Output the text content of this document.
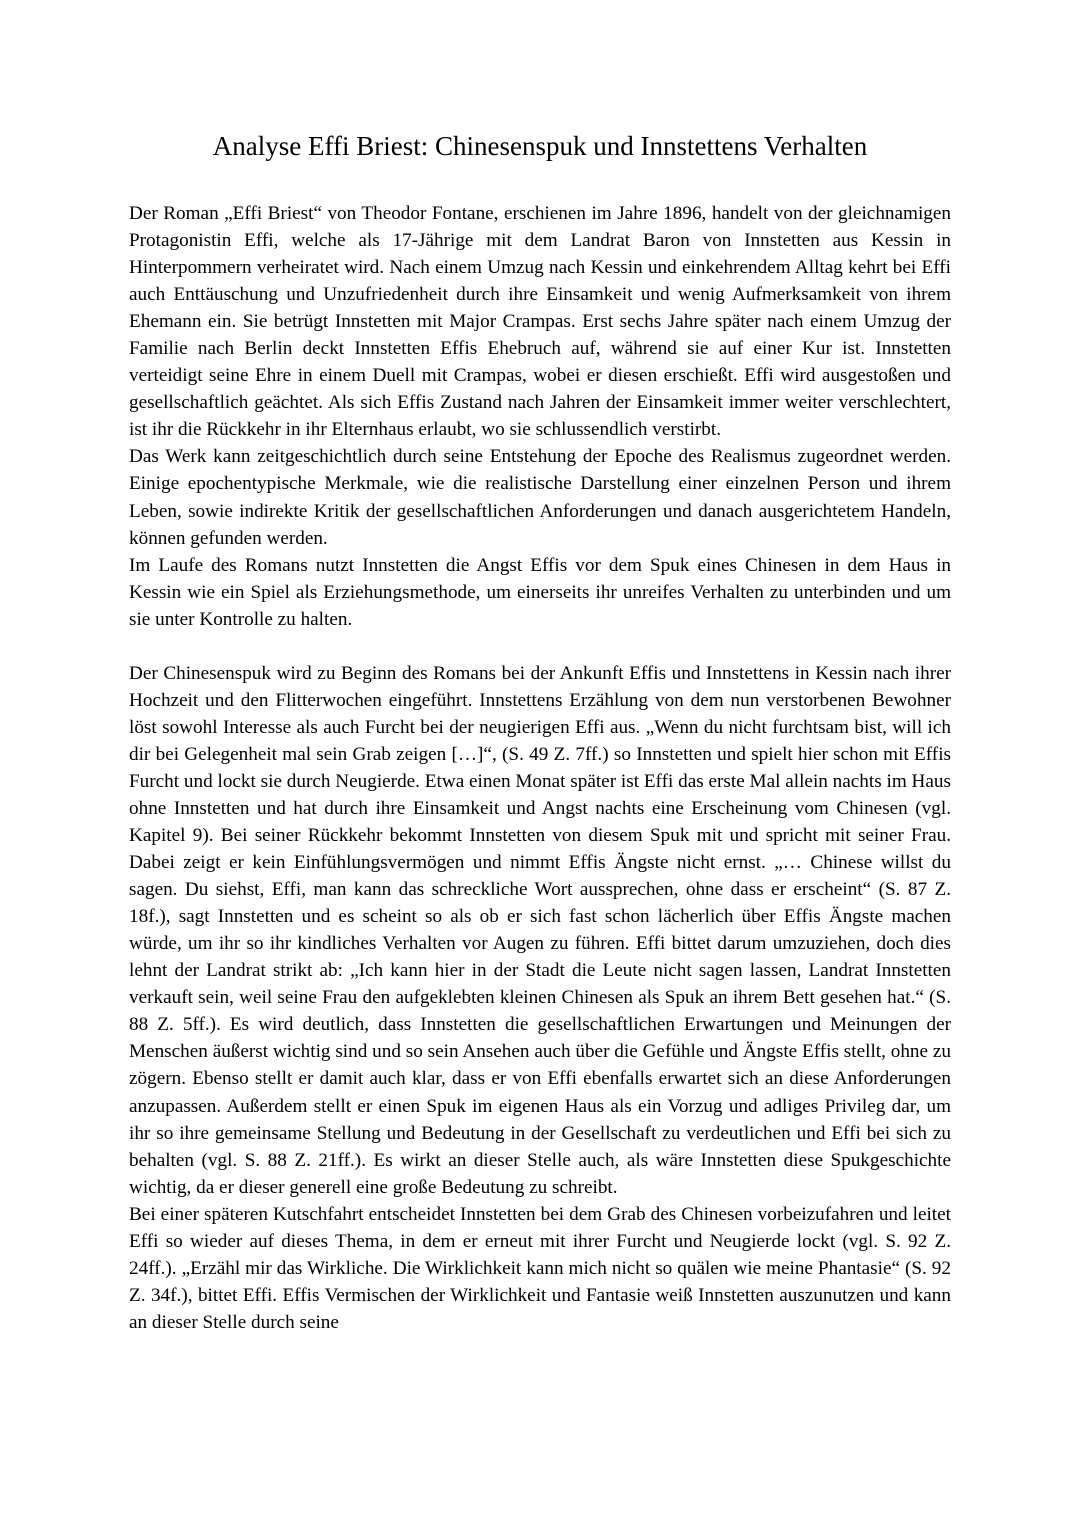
Analyse Effi Briest: Chinesenspuk und Innstettens Verhalten

Der Roman „Effi Briest“ von Theodor Fontane, erschienen im Jahre 1896, handelt von der gleichnamigen Protagonistin Effi, welche als 17-Jährige mit dem Landrat Baron von Innstetten aus Kessin in Hinterpommern verheiratet wird. Nach einem Umzug nach Kessin und einkehrendem Alltag kehrt bei Effi auch Enttäuschung und Unzufriedenheit durch ihre Einsamkeit und wenig Aufmerksamkeit von ihrem Ehemann ein. Sie betrügt Innstetten mit Major Crampas. Erst sechs Jahre später nach einem Umzug der Familie nach Berlin deckt Innstetten Effis Ehebruch auf, während sie auf einer Kur ist. Innstetten verteidigt seine Ehre in einem Duell mit Crampas, wobei er diesen erschießt. Effi wird ausgestoßen und gesellschaftlich geächtet. Als sich Effis Zustand nach Jahren der Einsamkeit immer weiter verschlechtert, ist ihr die Rückkehr in ihr Elternhaus erlaubt, wo sie schlussendlich verstirbt.

Das Werk kann zeitgeschichtlich durch seine Entstehung der Epoche des Realismus zugeordnet werden. Einige epochentypische Merkmale, wie die realistische Darstellung einer einzelnen Person und ihrem Leben, sowie indirekte Kritik der gesellschaftlichen Anforderungen und danach ausgerichtetem Handeln, können gefunden werden.

Im Laufe des Romans nutzt Innstetten die Angst Effis vor dem Spuk eines Chinesen in dem Haus in Kessin wie ein Spiel als Erziehungsmethode, um einerseits ihr unreifes Verhalten zu unterbinden und um sie unter Kontrolle zu halten.

Der Chinesenspuk wird zu Beginn des Romans bei der Ankunft Effis und Innstettens in Kessin nach ihrer Hochzeit und den Flitterwochen eingeführt. Innstettens Erzählung von dem nun verstorbenen Bewohner löst sowohl Interesse als auch Furcht bei der neugierigen Effi aus. „Wenn du nicht furchtsam bist, will ich dir bei Gelegenheit mal sein Grab zeigen […]“, (S. 49 Z. 7ff.) so Innstetten und spielt hier schon mit Effis Furcht und lockt sie durch Neugierde. Etwa einen Monat später ist Effi das erste Mal allein nachts im Haus ohne Innstetten und hat durch ihre Einsamkeit und Angst nachts eine Erscheinung vom Chinesen (vgl. Kapitel 9). Bei seiner Rückkehr bekommt Innstetten von diesem Spuk mit und spricht mit seiner Frau. Dabei zeigt er kein Einfühlungsvermögen und nimmt Effis Ängste nicht ernst. „… Chinese willst du sagen. Du siehst, Effi, man kann das schreckliche Wort aussprechen, ohne dass er erscheint“ (S. 87 Z. 18f.), sagt Innstetten und es scheint so als ob er sich fast schon lächerlich über Effis Ängste machen würde, um ihr so ihr kindliches Verhalten vor Augen zu führen. Effi bittet darum umzuziehen, doch dies lehnt der Landrat strikt ab: „Ich kann hier in der Stadt die Leute nicht sagen lassen, Landrat Innstetten verkauft sein, weil seine Frau den aufgeklebten kleinen Chinesen als Spuk an ihrem Bett gesehen hat.“ (S. 88 Z. 5ff.). Es wird deutlich, dass Innstetten die gesellschaftlichen Erwartungen und Meinungen der Menschen äußerst wichtig sind und so sein Ansehen auch über die Gefühle und Ängste Effis stellt, ohne zu zögern. Ebenso stellt er damit auch klar, dass er von Effi ebenfalls erwartet sich an diese Anforderungen anzupassen. Außerdem stellt er einen Spuk im eigenen Haus als ein Vorzug und adliges Privileg dar, um ihr so ihre gemeinsame Stellung und Bedeutung in der Gesellschaft zu verdeutlichen und Effi bei sich zu behalten (vgl. S. 88 Z. 21ff.). Es wirkt an dieser Stelle auch, als wäre Innstetten diese Spukgeschichte wichtig, da er dieser generell eine große Bedeutung zu schreibt.

Bei einer späteren Kutschfahrt entscheidet Innstetten bei dem Grab des Chinesen vorbeizufahren und leitet Effi so wieder auf dieses Thema, in dem er erneut mit ihrer Furcht und Neugierde lockt (vgl. S. 92 Z. 24ff.). „Erzähl mir das Wirkliche. Die Wirklichkeit kann mich nicht so quälen wie meine Phantasie“ (S. 92 Z. 34f.), bittet Effi. Effis Vermischen der Wirklichkeit und Fantasie weiß Innstetten auszunutzen und kann an dieser Stelle durch seine
